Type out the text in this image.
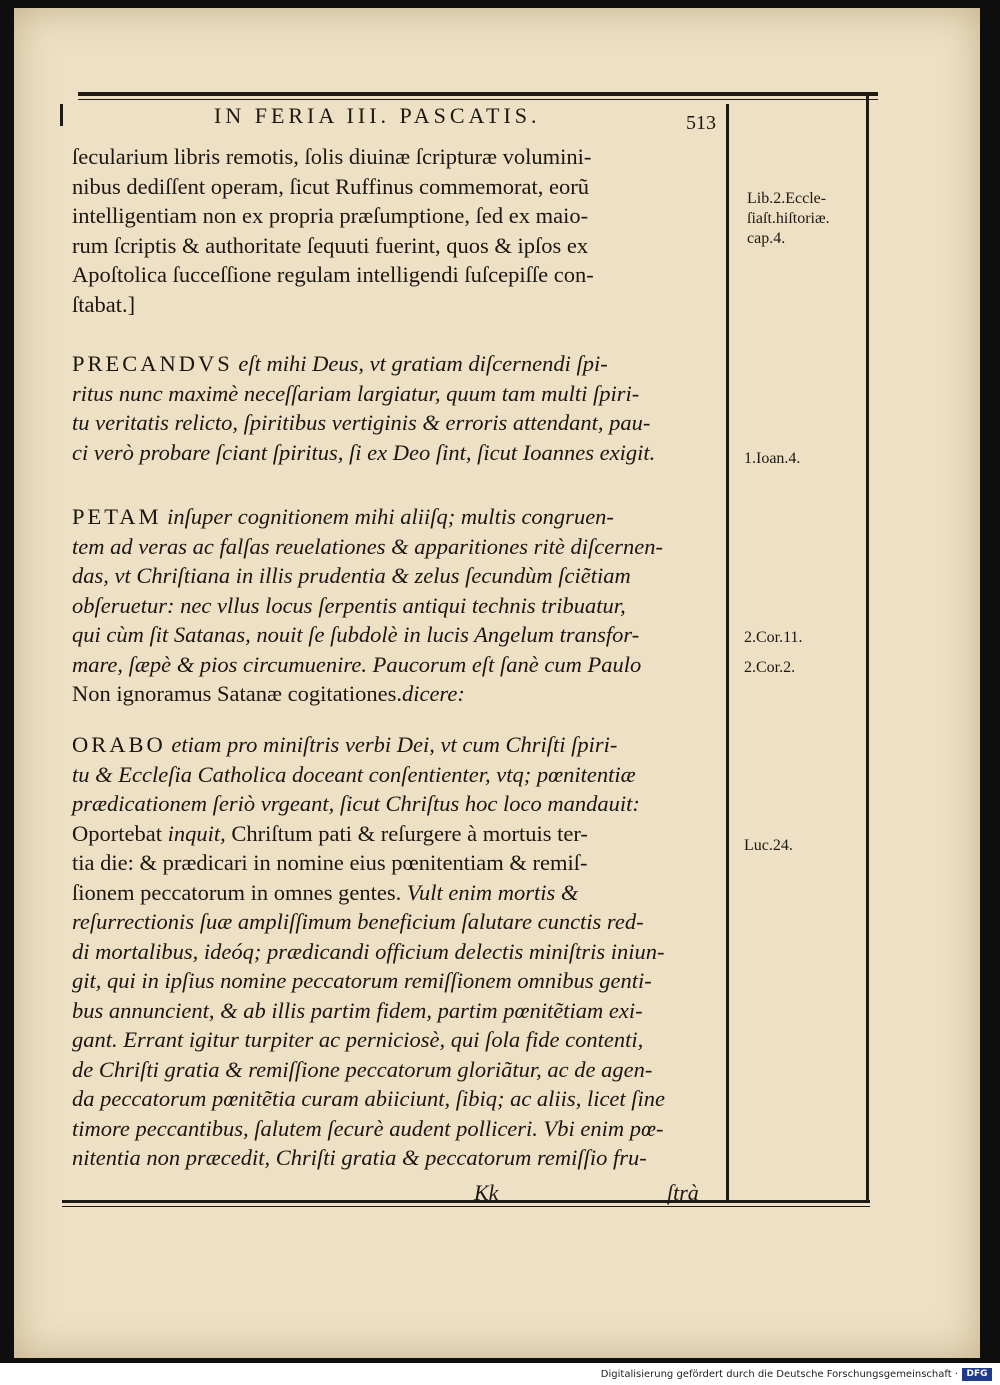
IN FERIA III. PASCATIS.	513
ſecularium libris remotis, ſolis diuinæ ſcripturæ volumini-
nibus dediſſent operam, ſicut Ruffinus commemorat, eorũ
intelligentiam non ex propria præſumptione, ſed ex maio-
rum ſcriptis & authoritate ſequuti fuerint, quos & ipſos ex
Apoſtolica ſucceſſione regulam intelligendi ſuſcepiſſe con-
ſtabat.]
PRECANDVS eſt mihi Deus, vt gratiam diſcernendi ſpi-
ritus nunc maximè neceſſariam largiatur, quum tam multi ſpiri-
tu veritatis relicto, ſpiritibus vertiginis & erroris attendant, pau-
ci verò probare ſciant ſpiritus, ſi ex Deo ſint, ſicut Ioannes exigit.
PETAM inſuper cognitionem mihi aliiſq; multis congruen-
tem ad veras ac falſas reuelationes & apparitiones ritè diſcernen-
das, vt Chriſtiana in illis prudentia & zelus ſecundùm ſciẽtiam
obſeruetur: nec vllus locus ſerpentis antiqui technis tribuatur,
qui cùm ſit Satanas, nouit ſe ſubdolè in lucis Angelum transfor-
mare, ſæpè & pios circumuenire. Paucorum eſt ſanè cum Paulo
Non ignoramus Satanæ cogitationes.dicere:
ORABO etiam pro miniſtris verbi Dei, vt cum Chriſti ſpiri-
tu & Eccleſia Catholica doceant conſentienter, vtq; pœnitentiæ
prædicationem ſeriò vrgeant, ſicut Chriſtus hoc loco mandauit:
Oportebat inquit, Chriſtum pati & reſurgere à mortuis ter-
tia die: & prædicari in nomine eius pœnitentiam & remiſ-
ſionem peccatorum in omnes gentes. Vult enim mortis &
reſurrectionis ſuæ ampliſſimum beneficium ſalutare cunctis red-
di mortalibus, ideóq; prædicandi officium delectis miniſtris iniun-
git, qui in ipſius nomine peccatorum remiſſionem omnibus genti-
bus annuncient, & ab illis partim fidem, partim pœnitẽtiam exi-
gant. Errant igitur turpiter ac perniciosè, qui ſola fide contenti,
de Chriſti gratia & remiſſione peccatorum gloriãtur, ac de agen-
da peccatorum pœnitẽtia curam abiiciunt, ſibiq; ac aliis, licet ſine
timore peccantibus, ſalutem ſecurè audent polliceri. Vbi enim pœ-
nitentia non præcedit, Chriſti gratia & peccatorum remiſſio fru-
Lib.2.Eccle- ſiaſt.hiſtoriæ. cap.4.
1.Ioan.4.
2.Cor.11.
2.Cor.2.
Luc.24.
Kk	ſtrà
Digitalisierung gefördert durch die Deutsche Forschungsgemeinschaft · DFG
